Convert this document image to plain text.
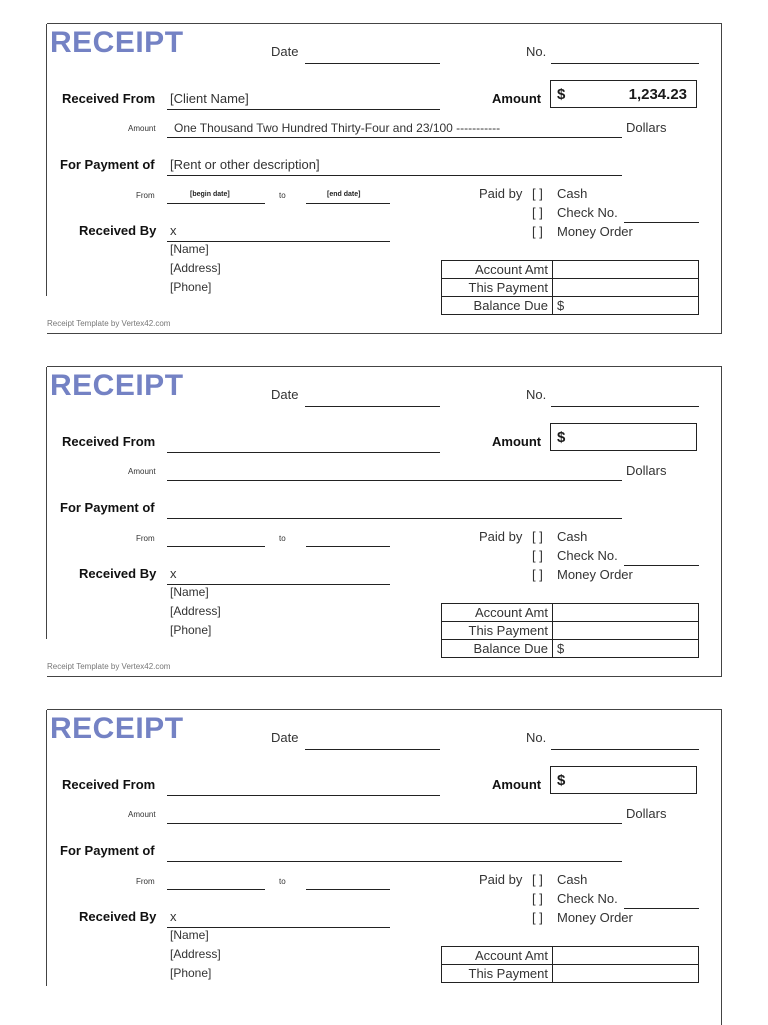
RECEIPT	Date	No.
Received From [Client Name]	Amount $	1,234.23
Amount One Thousand Two Hundred Thirty-Four and 23/100 -----------	Dollars
For Payment of [Rent or other description]
From	[begin date]	to	[end date]	Paid by [ ] Cash
[ ] Check No.
[ ] Money Order
Received By x
[Name]
[Address]
[Phone]
Account Amt	
This Payment	
Balance Due	$
Receipt Template by Vertex42.com
RECEIPT	Date	No.
Received From	Amount $
Amount	Dollars
For Payment of
From	to	Paid by [ ] Cash
[ ] Check No.
[ ] Money Order
Received By x
[Name]
[Address]
[Phone]
Account Amt	
This Payment	
Balance Due	$
Receipt Template by Vertex42.com
RECEIPT	Date	No.
Received From	Amount $
Amount	Dollars
For Payment of
From	to	Paid by [ ] Cash
[ ] Check No.
[ ] Money Order
Received By x
[Name]
[Address]
[Phone]
Account Amt	
This Payment	
